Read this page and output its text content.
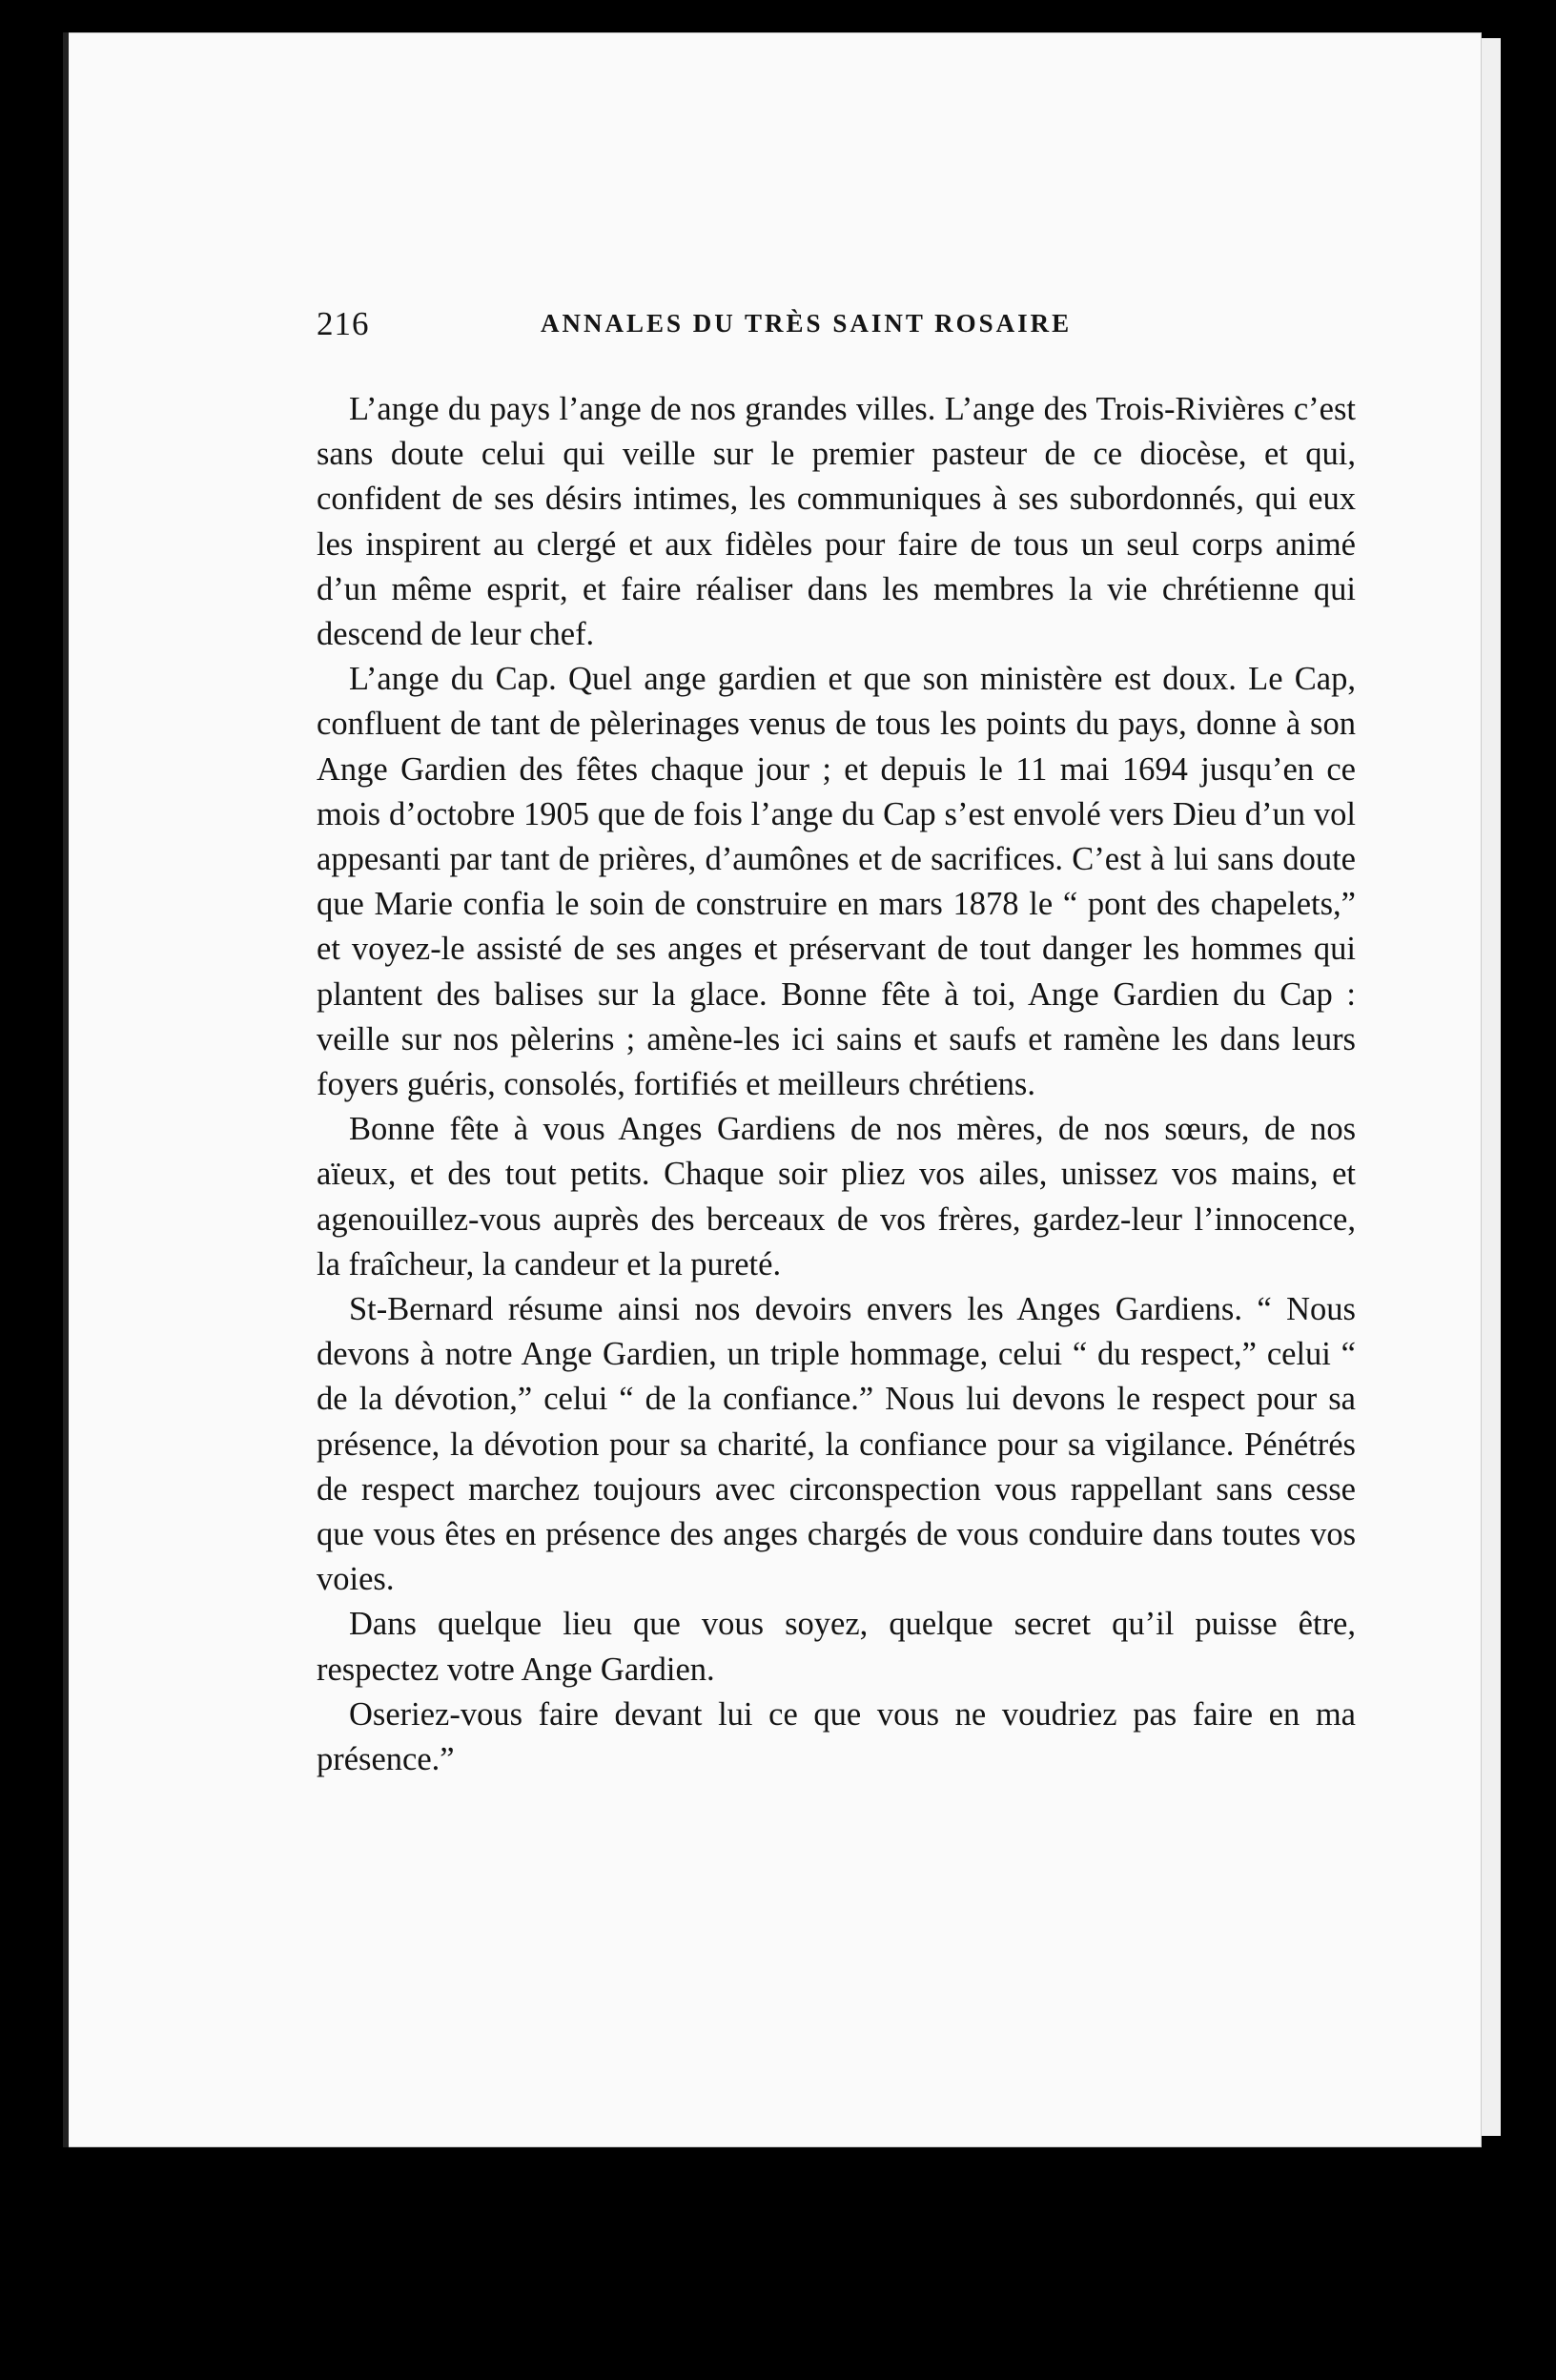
216	ANNALES DU TRÈS SAINT ROSAIRE

L’ange du pays l’ange de nos grandes villes. L’ange des Trois-Rivières c’est sans doute celui qui veille sur le premier pasteur de ce diocèse, et qui, confident de ses désirs intimes, les communiques à ses subordonnés, qui eux les inspirent au clergé et aux fidèles pour faire de tous un seul corps animé d’un même esprit, et faire réaliser dans les membres la vie chrétienne qui descend de leur chef.

L’ange du Cap. Quel ange gardien et que son ministère est doux. Le Cap, confluent de tant de pèlerinages venus de tous les points du pays, donne à son Ange Gardien des fêtes chaque jour ; et depuis le 11 mai 1694 jusqu’en ce mois d’octobre 1905 que de fois l’ange du Cap s’est envolé vers Dieu d’un vol appesanti par tant de prières, d’aumônes et de sacrifices. C’est à lui sans doute que Marie confia le soin de construire en mars 1878 le “ pont des chapelets,” et voyez-le assisté de ses anges et préservant de tout danger les hommes qui plantent des balises sur la glace. Bonne fête à toi, Ange Gardien du Cap : veille sur nos pèlerins ; amène-les ici sains et saufs et ramène les dans leurs foyers guéris, consolés, fortifiés et meilleurs chrétiens.

Bonne fête à vous Anges Gardiens de nos mères, de nos sœurs, de nos aïeux, et des tout petits. Chaque soir pliez vos ailes, unissez vos mains, et agenouillez-vous auprès des berceaux de vos frères, gardez-leur l’innocence, la fraîcheur, la candeur et la pureté.

St-Bernard résume ainsi nos devoirs envers les Anges Gardiens. “ Nous devons à notre Ange Gardien, un triple hommage, celui “ du respect,” celui “ de la dévotion,” celui “ de la confiance.” Nous lui devons le respect pour sa présence, la dévotion pour sa charité, la confiance pour sa vigilance. Pénétrés de respect marchez toujours avec circonspection vous rappellant sans cesse que vous êtes en présence des anges chargés de vous conduire dans toutes vos voies.

Dans quelque lieu que vous soyez, quelque secret qu’il puisse être, respectez votre Ange Gardien.

Oseriez-vous faire devant lui ce que vous ne voudriez pas faire en ma présence.”
